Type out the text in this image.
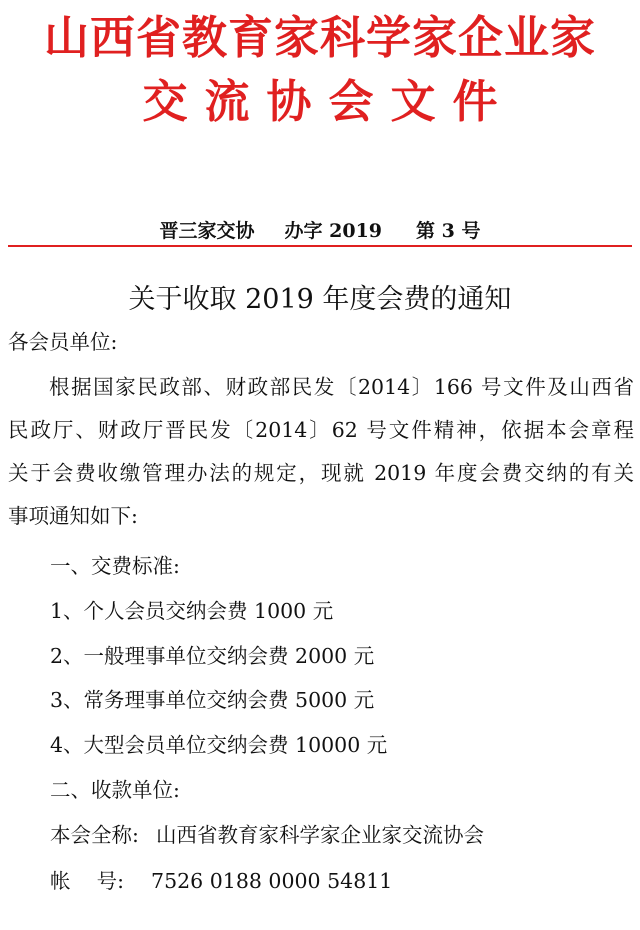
山西省教育家科学家企业家
交流协会文件
晋三家交协 办字 2019 第 3 号
关于收取 2019 年度会费的通知
各会员单位:
根据国家民政部、财政部民发〔2014〕166 号文件及山西省
民政厅、财政厅晋民发〔2014〕62 号文件精神，依据本会章程
关于会费收缴管理办法的规定，现就 2019 年度会费交纳的有关
事项通知如下:
一、交费标准:
1、个人会员交纳会费 1000 元
2、一般理事单位交纳会费 2000 元
3、常务理事单位交纳会费 5000 元
4、大型会员单位交纳会费 10000 元
二、收款单位:
本会全称: 山西省教育家科学家企业家交流协会
帐    号: 7526 0188 0000 54811
